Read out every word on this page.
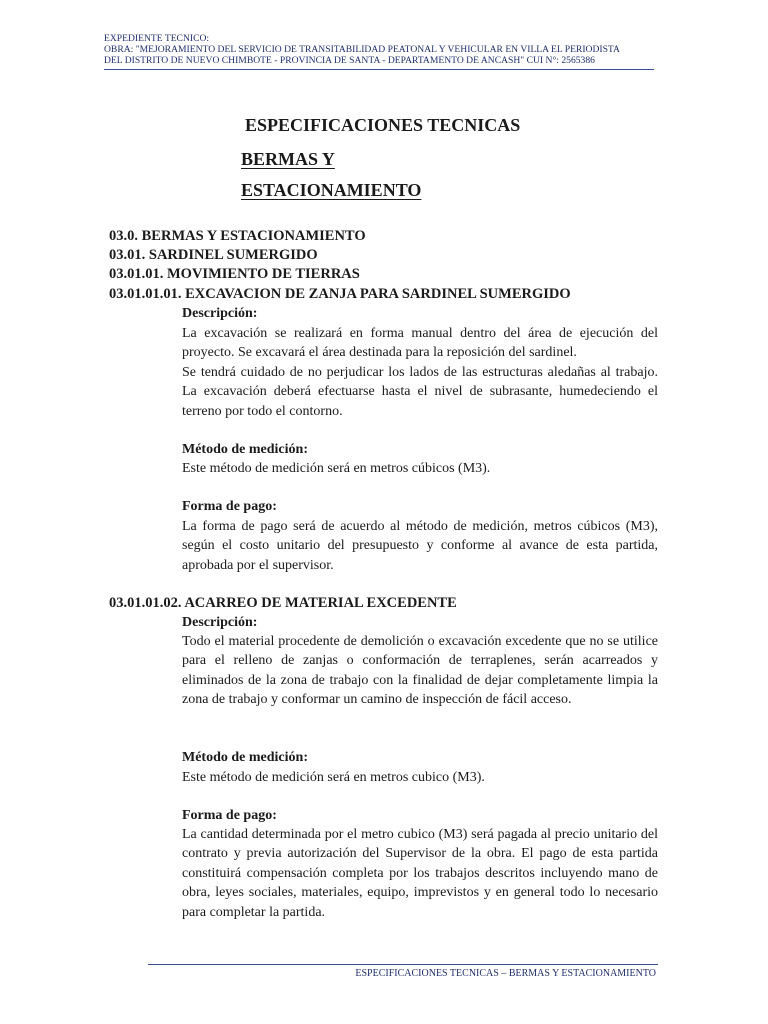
EXPEDIENTE TECNICO:
OBRA: "MEJORAMIENTO DEL SERVICIO DE TRANSITABILIDAD PEATONAL Y VEHICULAR EN VILLA EL PERIODISTA
DEL DISTRITO DE NUEVO CHIMBOTE - PROVINCIA DE SANTA - DEPARTAMENTO DE ANCASH" CUI N°: 2565386
ESPECIFICACIONES TECNICAS
BERMAS Y
ESTACIONAMIENTO
03.0. BERMAS Y ESTACIONAMIENTO
03.01. SARDINEL SUMERGIDO
03.01.01. MOVIMIENTO DE TIERRAS
03.01.01.01. EXCAVACION DE ZANJA PARA SARDINEL SUMERGIDO
Descripción:
La excavación se realizará en forma manual dentro del área de ejecución del proyecto. Se excavará el área destinada para la reposición del sardinel.
Se tendrá cuidado de no perjudicar los lados de las estructuras aledañas al trabajo. La excavación deberá efectuarse hasta el nivel de subrasante, humedeciendo el terreno por todo el contorno.
Método de medición:
Este método de medición será en metros cúbicos (M3).
Forma de pago:
La forma de pago será de acuerdo al método de medición, metros cúbicos (M3), según el costo unitario del presupuesto y conforme al avance de esta partida, aprobada por el supervisor.
03.01.01.02. ACARREO DE MATERIAL EXCEDENTE
Descripción:
Todo el material procedente de demolición o excavación excedente que no se utilice para el relleno de zanjas o conformación de terraplenes, serán acarreados y eliminados de la zona de trabajo con la finalidad de dejar completamente limpia la zona de trabajo y conformar un camino de inspección de fácil acceso.
Método de medición:
Este método de medición será en metros cubico (M3).
Forma de pago:
La cantidad determinada por el metro cubico (M3) será pagada al precio unitario del contrato y previa autorización del Supervisor de la obra. El pago de esta partida constituirá compensación completa por los trabajos descritos incluyendo mano de obra, leyes sociales, materiales, equipo, imprevistos y en general todo lo necesario para completar la partida.
ESPECIFICACIONES TECNICAS – BERMAS Y ESTACIONAMIENTO
